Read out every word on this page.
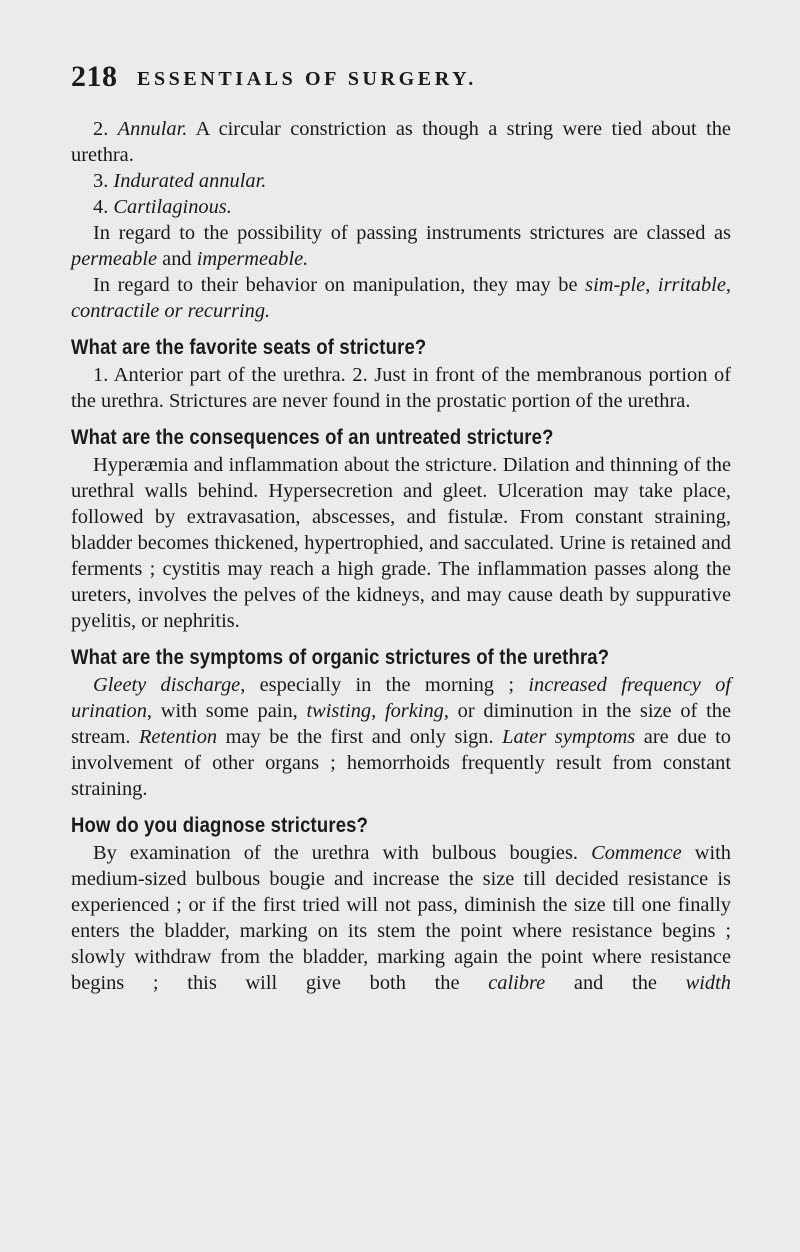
218 ESSENTIALS OF SURGERY.

2. Annular. A circular constriction as though a string were tied about the urethra.

3. Indurated annular.

4. Cartilaginous.

In regard to the possibility of passing instruments strictures are classed as permeable and impermeable.

In regard to their behavior on manipulation, they may be sim-ple, irritable, contractile or recurring.

What are the favorite seats of stricture?

1. Anterior part of the urethra. 2. Just in front of the membranous portion of the urethra. Strictures are never found in the prostatic portion of the urethra.

What are the consequences of an untreated stricture?

Hyperæmia and inflammation about the stricture. Dilation and thinning of the urethral walls behind. Hypersecretion and gleet. Ulceration may take place, followed by extravasation, abscesses, and fistulæ. From constant straining, bladder becomes thickened, hypertrophied, and sacculated. Urine is retained and ferments ; cystitis may reach a high grade. The inflammation passes along the ureters, involves the pelves of the kidneys, and may cause death by suppurative pyelitis, or nephritis.

What are the symptoms of organic strictures of the urethra?

Gleety discharge, especially in the morning ; increased frequency of urination, with some pain, twisting, forking, or diminution in the size of the stream. Retention may be the first and only sign. Later symptoms are due to involvement of other organs ; hemorrhoids frequently result from constant straining.

How do you diagnose strictures?

By examination of the urethra with bulbous bougies. Commence with medium-sized bulbous bougie and increase the size till decided resistance is experienced ; or if the first tried will not pass, diminish the size till one finally enters the bladder, marking on its stem the point where resistance begins ; slowly withdraw from the bladder, marking again the point where resistance begins ; this will give both the calibre and the width
